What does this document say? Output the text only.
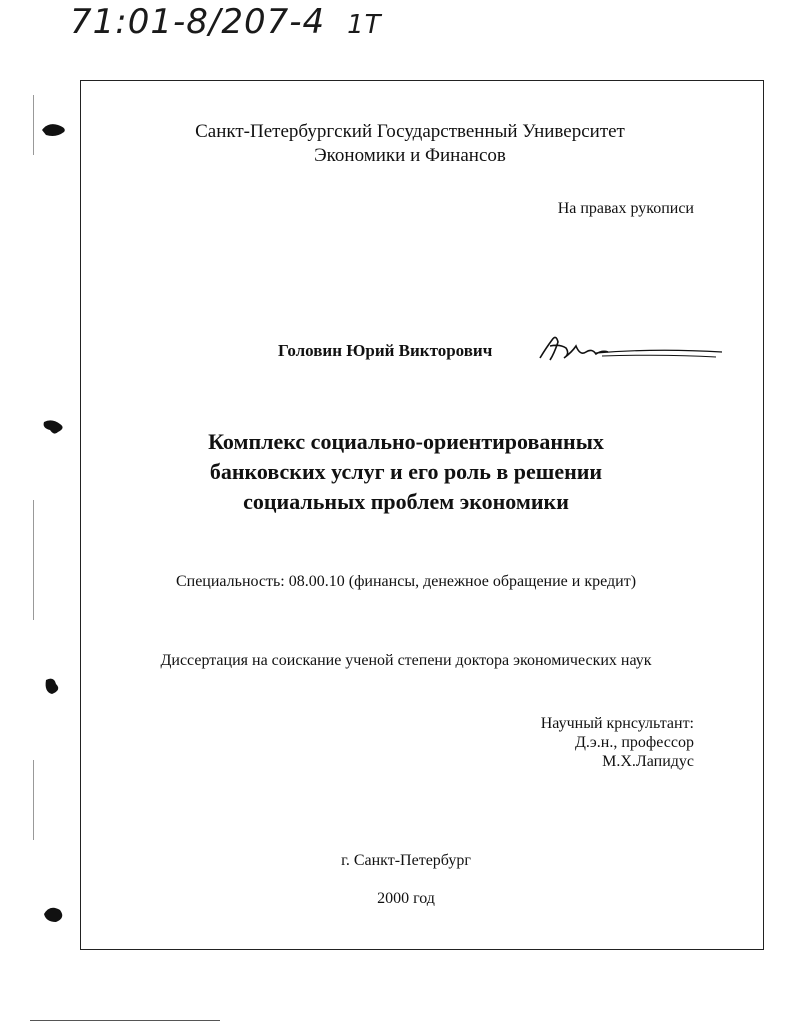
71:01-8/207-4 1T
Санкт-Петербургский Государственный Университет
Экономики и Финансов
На правах рукописи
Головин Юрий Викторович
Комплекс социально-ориентированных
банковских услуг и его роль в решении
социальных проблем экономики
Специальность: 08.00.10 (финансы, денежное обращение и кредит)
Диссертация на соискание ученой степени доктора экономических наук
Научный крнсультант:
Д.э.н., профессор
М.Х.Лапидус
г. Санкт-Петербург
2000 год
